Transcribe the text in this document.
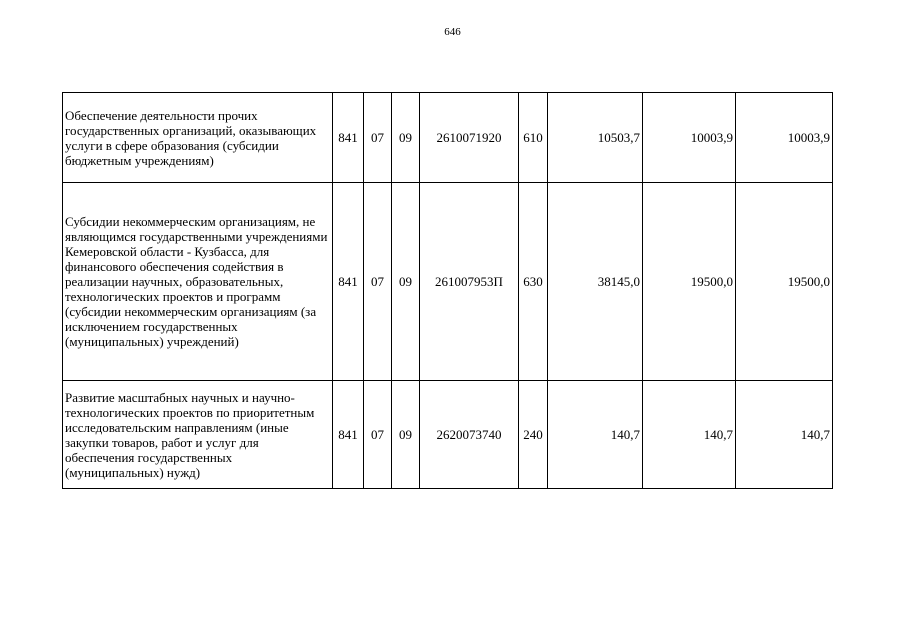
646
Обеспечение деятельности прочих государственных организаций, оказывающих услуги в сфере образования (субсидии бюджетным учреждениям)	841	07	09	2610071920	610	10503,7	10003,9	10003,9
Субсидии некоммерческим организациям, не являющимся государственными учреждениями Кемеровской области - Кузбасса, для финансового обеспечения содействия в реализации научных, образовательных, технологических проектов и программ (субсидии некоммерческим организациям (за исключением государственных (муниципальных) учреждений)	841	07	09	261007953П	630	38145,0	19500,0	19500,0
Развитие масштабных научных и научно-технологических проектов по приоритетным исследовательским направлениям (иные закупки товаров, работ и услуг для обеспечения государственных (муниципальных) нужд)	841	07	09	2620073740	240	140,7	140,7	140,7
